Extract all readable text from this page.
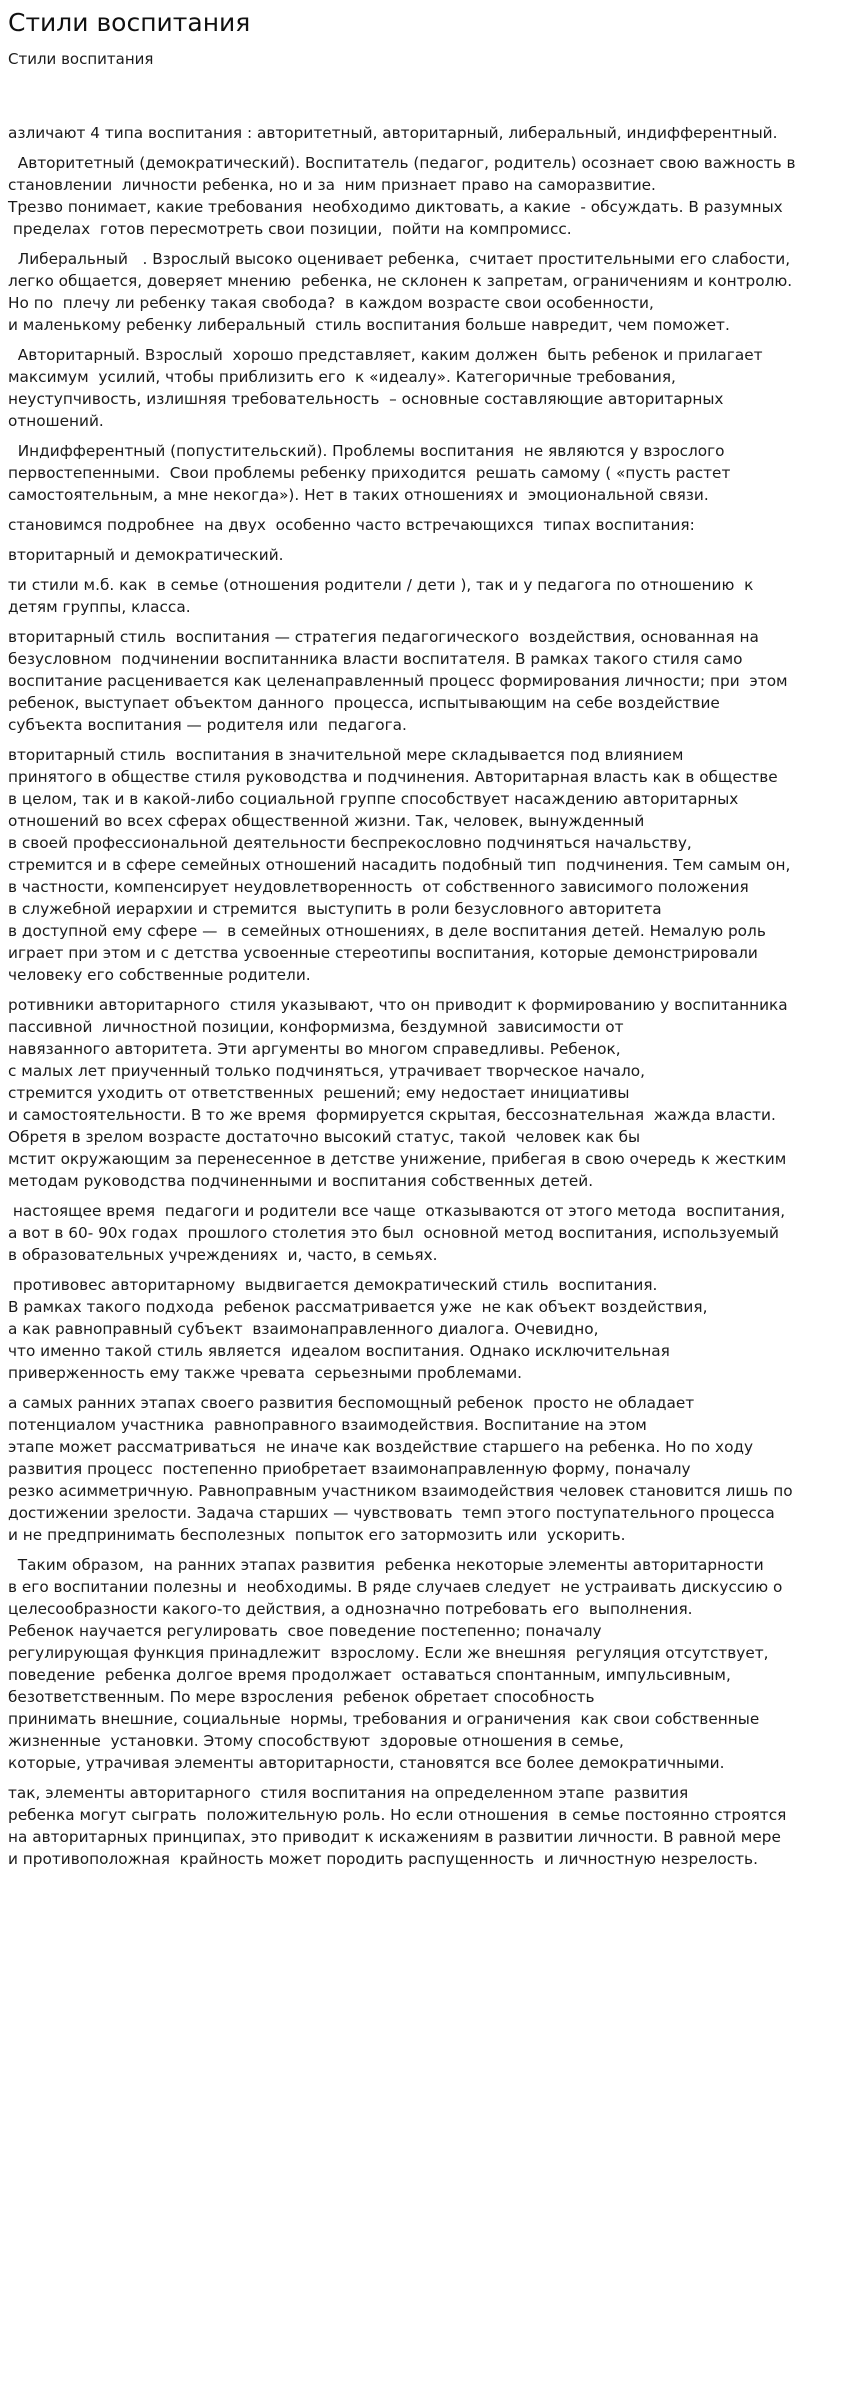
Стили воспитания
Стили воспитания

азличают 4 типа воспитания : авторитетный, авторитарный, либеральный, индифферентный.

Авторитетный (демократический). Воспитатель (педагог, родитель) осознает свою важность в
становлении  личности ребенка, но и за  ним признает право на саморазвитие.
Трезво понимает, какие требования  необходимо диктовать, а какие  - обсуждать. В разумных
пределах  готов пересмотреть свои позиции,  пойти на компромисс.

Либеральный   . Взрослый высоко оценивает ребенка,  считает простительными его слабости,
легко общается, доверяет мнению  ребенка, не склонен к запретам, ограничениям и контролю.
Но по  плечу ли ребенку такая свобода?  в каждом возрасте свои особенности,
и маленькому ребенку либеральный  стиль воспитания больше навредит, чем поможет.

Авторитарный. Взрослый  хорошо представляет, каким должен  быть ребенок и прилагает
максимум  усилий, чтобы приблизить его  к «идеалу». Категоричные требования,
неуступчивость, излишняя требовательность  – основные составляющие авторитарных
отношений.

Индифферентный (попустительский). Проблемы воспитания  не являются у взрослого
первостепенными.  Свои проблемы ребенку приходится  решать самому ( «пусть растет
самостоятельным, а мне некогда»). Нет в таких отношениях и  эмоциональной связи.

становимся подробнее  на двух  особенно часто встречающихся  типах воспитания:

вторитарный и демократический.

ти стили м.б. как  в семье (отношения родители / дети ), так и у педагога по отношению  к
детям группы, класса.

вторитарный стиль  воспитания — стратегия педагогического  воздействия, основанная на
безусловном  подчинении воспитанника власти воспитателя. В рамках такого стиля само
воспитание расценивается как целенаправленный процесс формирования личности; при  этом
ребенок, выступает объектом данного  процесса, испытывающим на себе воздействие
субъекта воспитания — родителя или  педагога.

вторитарный стиль  воспитания в значительной мере складывается под влиянием
принятого в обществе стиля руководства и подчинения. Авторитарная власть как в обществе
в целом, так и в какой-либо социальной группе способствует насаждению авторитарных
отношений во всех сферах общественной жизни. Так, человек, вынужденный
в своей профессиональной деятельности беспрекословно подчиняться начальству,
стремится и в сфере семейных отношений насадить подобный тип  подчинения. Тем самым он,
в частности, компенсирует неудовлетворенность  от собственного зависимого положения
в служебной иерархии и стремится  выступить в роли безусловного авторитета
в доступной ему сфере —  в семейных отношениях, в деле воспитания детей. Немалую роль
играет при этом и с детства усвоенные стереотипы воспитания, которые демонстрировали
человеку его собственные родители.

ротивники авторитарного  стиля указывают, что он приводит к формированию у воспитанника
пассивной  личностной позиции, конформизма, бездумной  зависимости от
навязанного авторитета. Эти аргументы во многом справедливы. Ребенок,
с малых лет приученный только подчиняться, утрачивает творческое начало,
стремится уходить от ответственных  решений; ему недостает инициативы
и самостоятельности. В то же время  формируется скрытая, бессознательная  жажда власти.
Обретя в зрелом возрасте достаточно высокий статус, такой  человек как бы
мстит окружающим за перенесенное в детстве унижение, прибегая в свою очередь к жестким
методам руководства подчиненными и воспитания собственных детей.

настоящее время  педагоги и родители все чаще  отказываются от этого метода  воспитания,
а вот в 60- 90х годах  прошлого столетия это был  основной метод воспитания, используемый
в образовательных учреждениях  и, часто, в семьях.

противовес авторитарному  выдвигается демократический стиль  воспитания.
В рамках такого подхода  ребенок рассматривается уже  не как объект воздействия,
а как равноправный субъект  взаимонаправленного диалога. Очевидно,
что именно такой стиль является  идеалом воспитания. Однако исключительная
приверженность ему также чревата  серьезными проблемами.

а самых ранних этапах своего развития беспомощный ребенок  просто не обладает
потенциалом участника  равноправного взаимодействия. Воспитание на этом
этапе может рассматриваться  не иначе как воздействие старшего на ребенка. Но по ходу
развития процесс  постепенно приобретает взаимонаправленную форму, поначалу
резко асимметричную. Равноправным участником взаимодействия человек становится лишь по
достижении зрелости. Задача старших — чувствовать  темп этого поступательного процесса
и не предпринимать бесполезных  попыток его затормозить или  ускорить.

Таким образом,  на ранних этапах развития  ребенка некоторые элементы авторитарности
в его воспитании полезны и  необходимы. В ряде случаев следует  не устраивать дискуссию о
целесообразности какого-то действия, а однозначно потребовать его  выполнения.
Ребенок научается регулировать  свое поведение постепенно; поначалу
регулирующая функция принадлежит  взрослому. Если же внешняя  регуляция отсутствует,
поведение  ребенка долгое время продолжает  оставаться спонтанным, импульсивным,
безответственным. По мере взросления  ребенок обретает способность
принимать внешние, социальные  нормы, требования и ограничения  как свои собственные
жизненные  установки. Этому способствуют  здоровые отношения в семье,
которые, утрачивая элементы авторитарности, становятся все более демократичными.

так, элементы авторитарного  стиля воспитания на определенном этапе  развития
ребенка могут сыграть  положительную роль. Но если отношения  в семье постоянно строятся
на авторитарных принципах, это приводит к искажениям в развитии личности. В равной мере
и противоположная  крайность может породить распущенность  и личностную незрелость.
